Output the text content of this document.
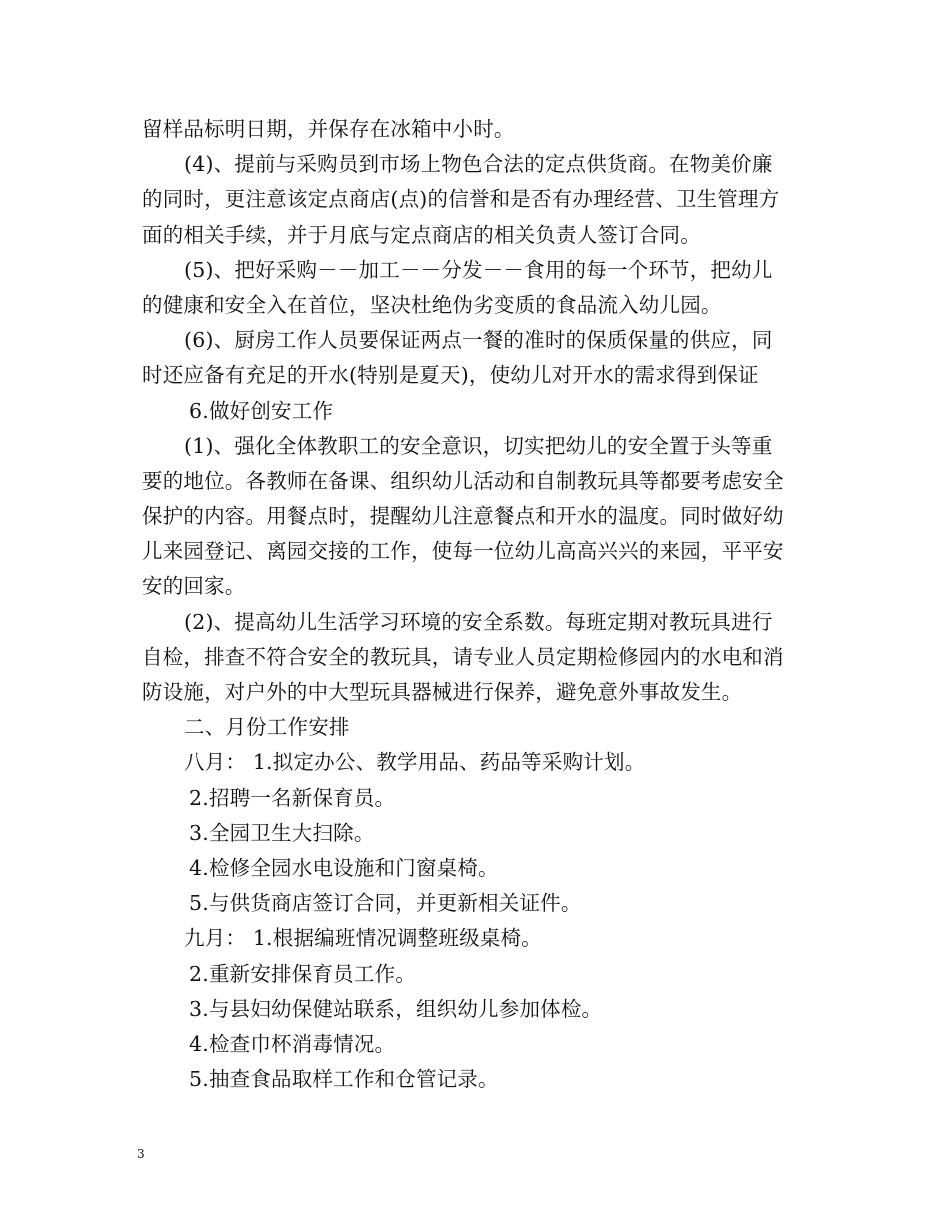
留样品标明日期，并保存在冰箱中小时。
(4)、提前与采购员到市场上物色合法的定点供货商。在物美价廉
的同时，更注意该定点商店(点)的信誉和是否有办理经营、卫生管理方
面的相关手续，并于月底与定点商店的相关负责人签订合同。
(5)、把好采购－－加工－－分发－－食用的每一个环节，把幼儿
的健康和安全入在首位，坚决杜绝伪劣变质的食品流入幼儿园。
(6)、厨房工作人员要保证两点一餐的准时的保质保量的供应，同
时还应备有充足的开水(特别是夏天)，使幼儿对开水的需求得到保证
6.做好创安工作
(1)、强化全体教职工的安全意识，切实把幼儿的安全置于头等重
要的地位。各教师在备课、组织幼儿活动和自制教玩具等都要考虑安全
保护的内容。用餐点时，提醒幼儿注意餐点和开水的温度。同时做好幼
儿来园登记、离园交接的工作，使每一位幼儿高高兴兴的来园，平平安
安的回家。
(2)、提高幼儿生活学习环境的安全系数。每班定期对教玩具进行
自检，排查不符合安全的教玩具，请专业人员定期检修园内的水电和消
防设施，对户外的中大型玩具器械进行保养，避免意外事故发生。
二、月份工作安排
八月： 1.拟定办公、教学用品、药品等采购计划。
2.招聘一名新保育员。
3.全园卫生大扫除。
4.检修全园水电设施和门窗桌椅。
5.与供货商店签订合同，并更新相关证件。
九月： 1.根据编班情况调整班级桌椅。
2.重新安排保育员工作。
3.与县妇幼保健站联系，组织幼儿参加体检。
4.检查巾杯消毒情况。
5.抽查食品取样工作和仓管记录。
3
